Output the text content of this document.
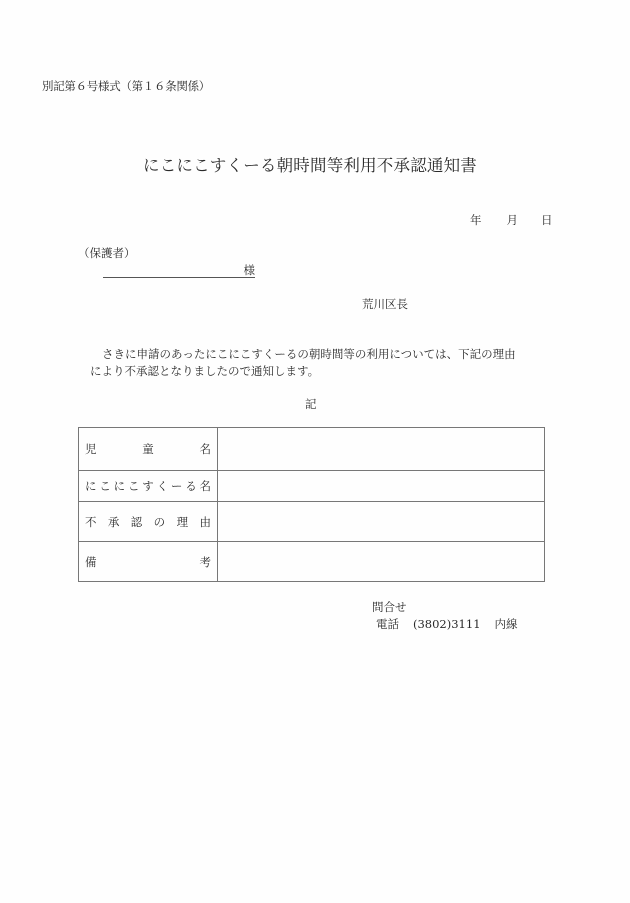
別記第６号様式（第１６条関係）
にこにこすくーる朝時間等利用不承認通知書
年 月 日
（保護者）
様
荒川区長

さきに申請のあったにこにこすくーるの朝時間等の利用については、下記の理由

により不承認となりましたので通知します。

記
児 童 名	

に こ に こ す く ー る 名

不 承 認 の 理 由

備 考	

問合せ
電話 (3802)3111 内線
